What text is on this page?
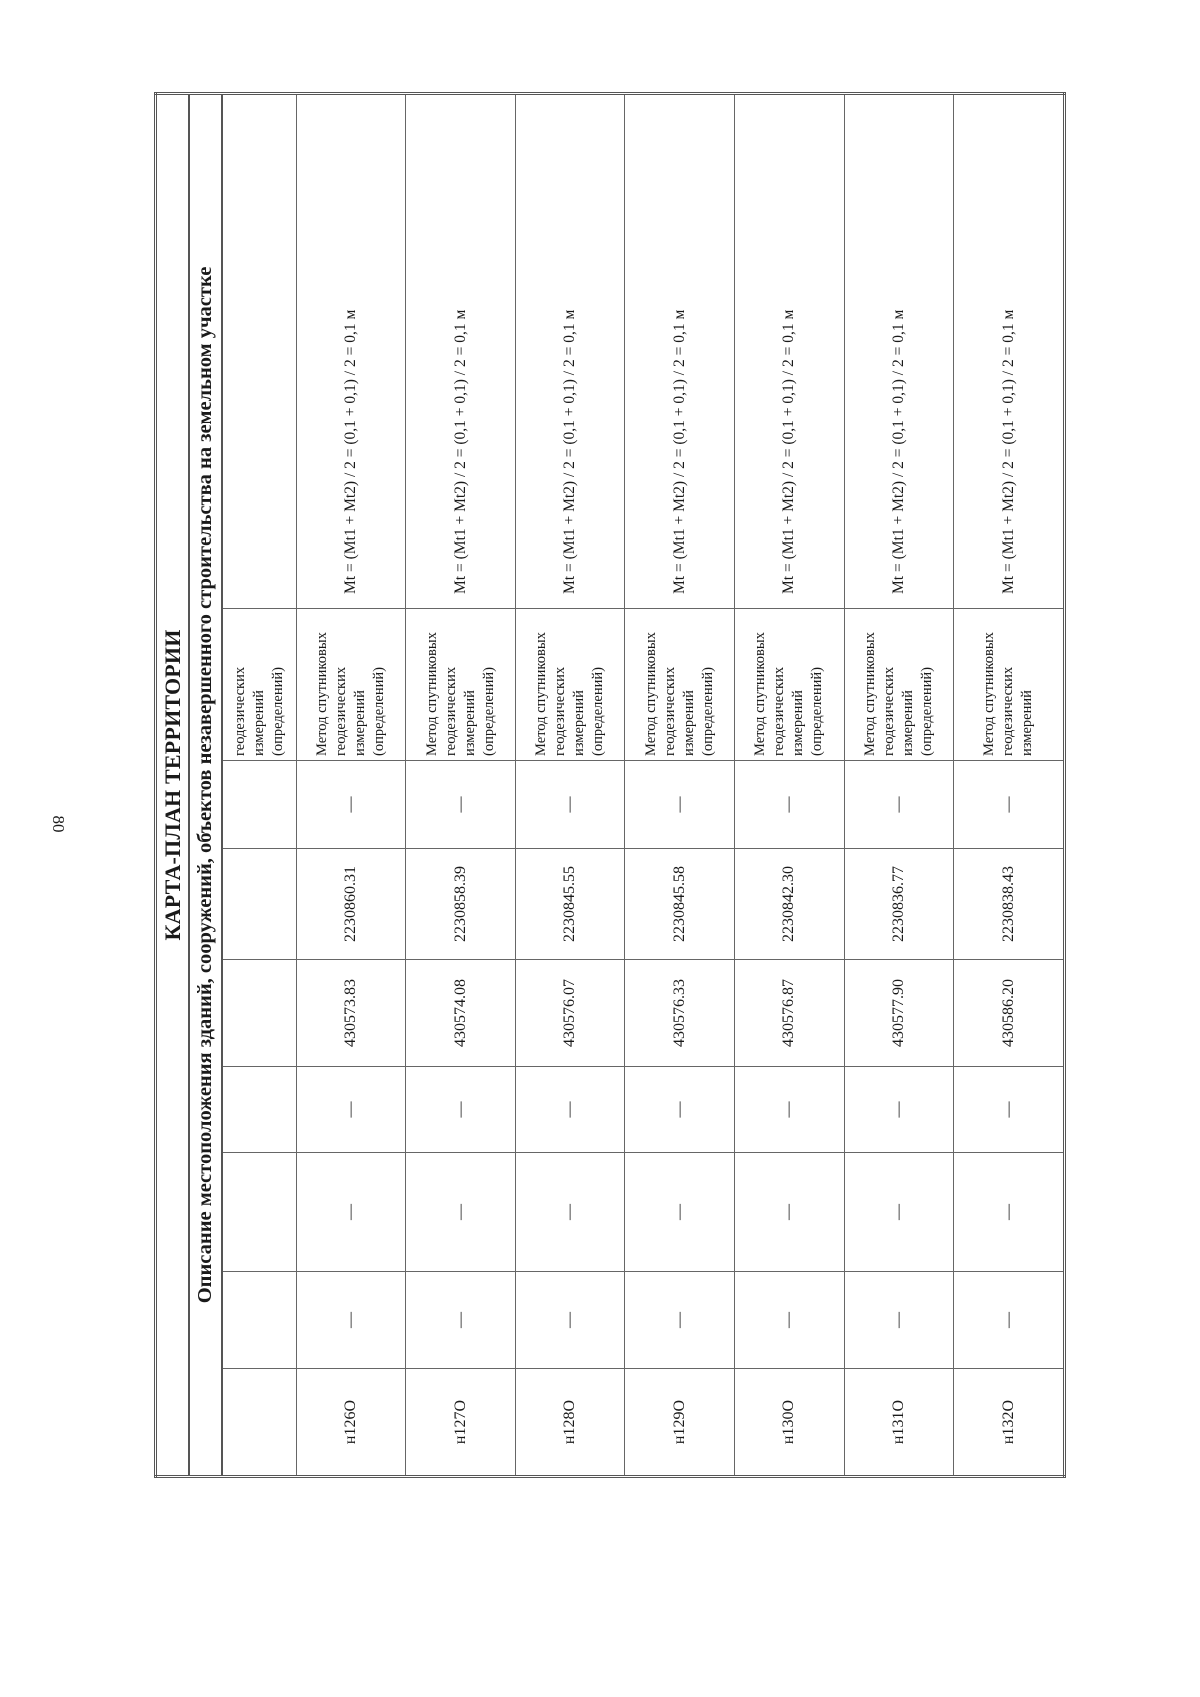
80	КАРТА-ПЛАН ТЕРРИТОРИИ								
Описание местоположения зданий, сооружений, объектов незавершенного строительства на земельном участке								
							геодезических измерений (определений)	
н126О	—	—	—	430573.83	2230860.31	—	Метод спутниковых геодезических измерений (определений)	Mt = (Mt1 + Mt2) / 2 = (0,1 + 0,1) / 2 = 0,1 м
н127О	—	—	—	430574.08	2230858.39	—	Метод спутниковых геодезических измерений (определений)	Mt = (Mt1 + Mt2) / 2 = (0,1 + 0,1) / 2 = 0,1 м
н128О	—	—	—	430576.07	2230845.55	—	Метод спутниковых геодезических измерений (определений)	Mt = (Mt1 + Mt2) / 2 = (0,1 + 0,1) / 2 = 0,1 м
н129О	—	—	—	430576.33	2230845.58	—	Метод спутниковых геодезических измерений (определений)	Mt = (Mt1 + Mt2) / 2 = (0,1 + 0,1) / 2 = 0,1 м
н130О	—	—	—	430576.87	2230842.30	—	Метод спутниковых геодезических измерений (определений)	Mt = (Mt1 + Mt2) / 2 = (0,1 + 0,1) / 2 = 0,1 м
н131О	—	—	—	430577.90	2230836.77	—	Метод спутниковых геодезических измерений (определений)	Mt = (Mt1 + Mt2) / 2 = (0,1 + 0,1) / 2 = 0,1 м
н132О	—	—	—	430586.20	2230838.43	—	Метод спутниковых геодезических измерений	Mt = (Mt1 + Mt2) / 2 = (0,1 + 0,1) / 2 = 0,1 м
